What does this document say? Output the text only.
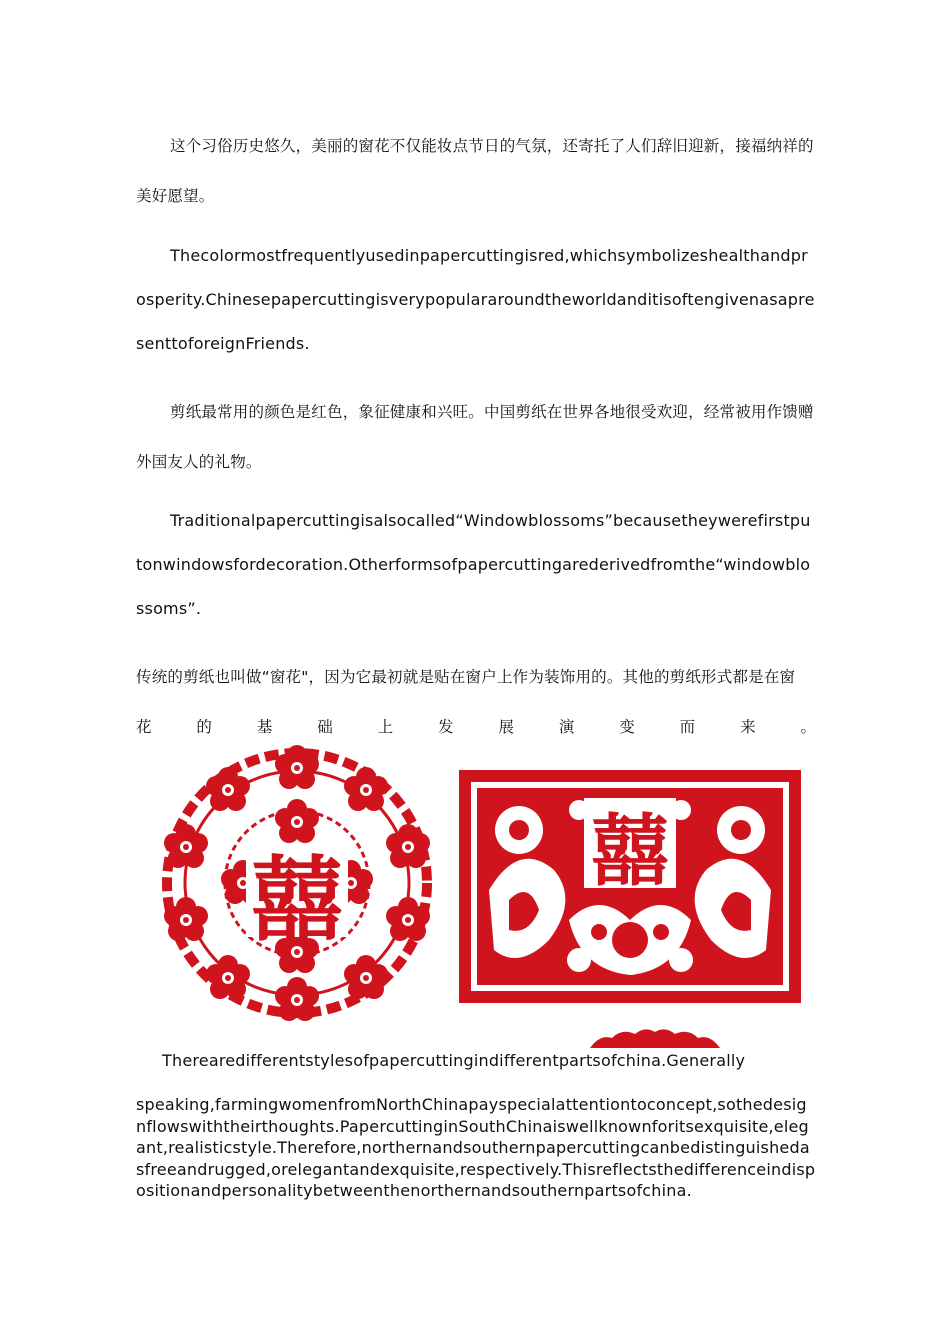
这个习俗历史悠久，美丽的窗花不仅能妆点节日的气氛，还寄托了人们辞旧迎新，接福纳祥的美好愿望。

Thecolormostfrequentlyusedinpapercuttingisred,whichsymbolizeshealthandprosperity.ChinesepapercuttingisverypopulararoundtheworldanditisoftengivenasapresenttoforeignFriends.

剪纸最常用的颜色是红色，象征健康和兴旺。中国剪纸在世界各地很受欢迎，经常被用作馈赠外国友人的礼物。

Traditionalpapercuttingisalsocalled“Windowblossoms”becausetheywerefirstputonwindowsfordecoration.Otherformsofpapercuttingarederivedfromthe“windowblossoms”.

传统的剪纸也叫做“窗花"，因为它最初就是贴在窗户上作为装饰用的。其他的剪纸形式都是在窗

花 的 基 础 上 发 展 演 变 而 来 。

囍	囍

Therearedifferentstylesofpapercuttingindifferentpartsofchina.Generally

speaking,farmingwomenfromNorthChinapayspecialattentiontoconcept,sothedesignflowswiththeirthoughts.PapercuttinginSouthChinaiswellknownforitsexquisite,elegant,realisticstyle.Therefore,northernandsouthernpapercuttingcanbedistinguishedasfreeandrugged,orelegantandexquisite,respectively.Thisreflectsthedifferenceindispositionandpersonalitybetweenthenorthernandsouthernpartsofchina.
